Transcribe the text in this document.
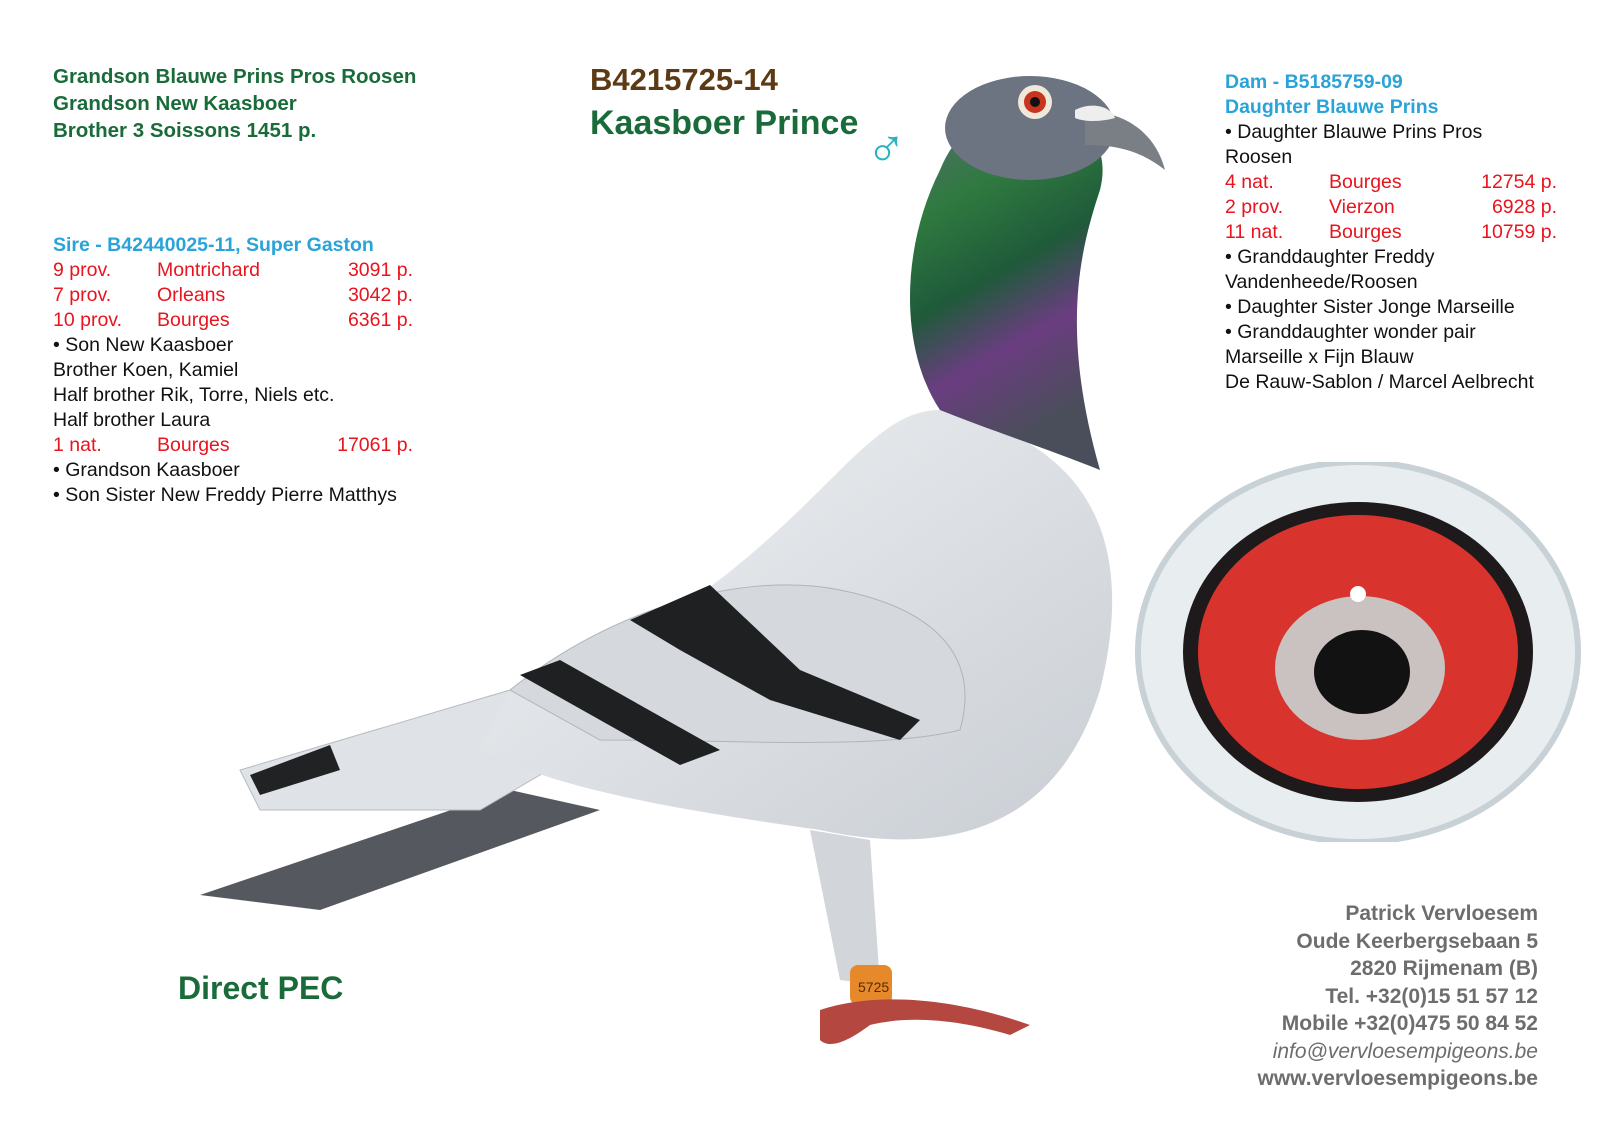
5725
Grandson Blauwe Prins Pros Roosen
Grandson New Kaasboer
Brother 3 Soissons 1451 p.
B4215725-14
Kaasboer Prince ♂
Sire - B42440025-11, Super Gaston
9 prov.	Montrichard	3091 p.
7 prov.	Orleans	3042 p.
10 prov.	Bourges	6361 p.
• Son New Kaasboer
Brother Koen, Kamiel
Half brother Rik, Torre, Niels etc.
Half brother Laura
1 nat.	Bourges	17061 p.
• Grandson Kaasboer
• Son Sister New Freddy Pierre Matthys
Dam - B5185759-09
Daughter Blauwe Prins
• Daughter Blauwe Prins Pros
Roosen
4 nat.	Bourges	12754 p.
2 prov.	Vierzon	6928 p.
11 nat.	Bourges	10759 p.
• Granddaughter Freddy
Vandenheede/Roosen
• Daughter Sister Jonge Marseille
• Granddaughter wonder pair
Marseille x Fijn Blauw
De Rauw-Sablon / Marcel Aelbrecht
Direct PEC
Patrick Vervloesem
Oude Keerbergsebaan 5
2820 Rijmenam (B)
Tel. +32(0)15 51 57 12
Mobile +32(0)475 50 84 52
info@vervloesempigeons.be
www.vervloesempigeons.be
